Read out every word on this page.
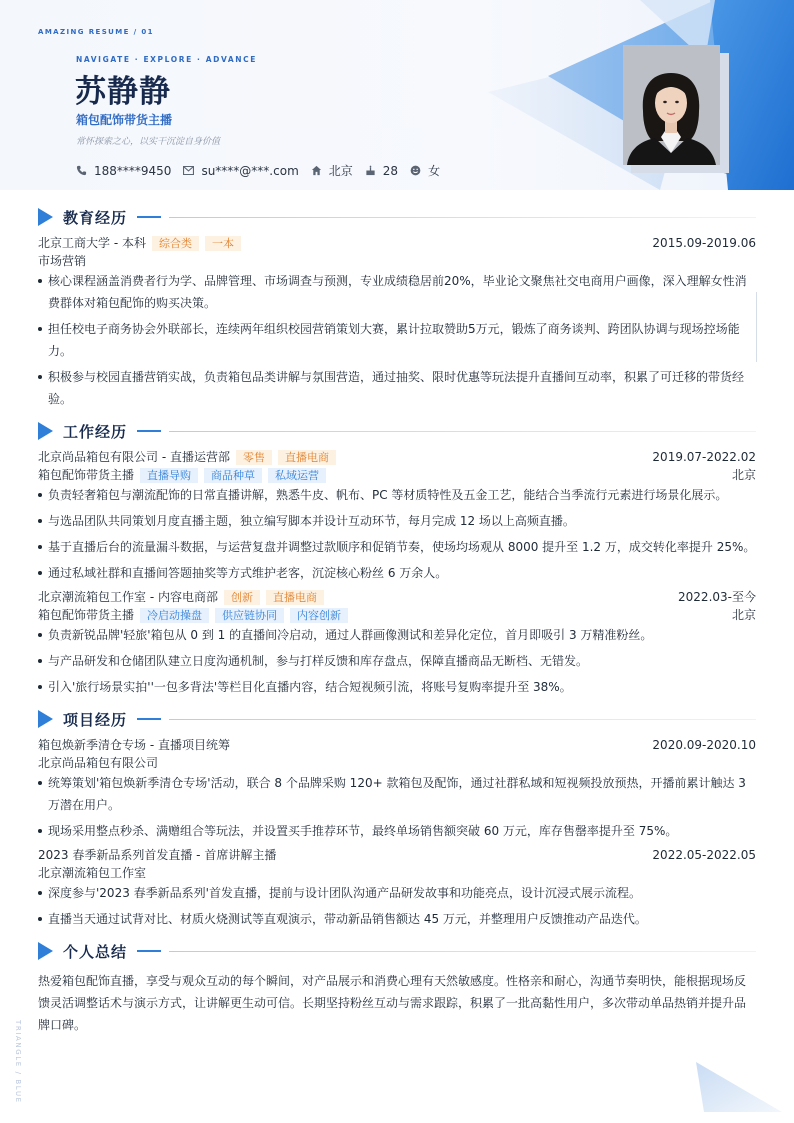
AMAZING RESUME / 01
NAVIGATE · EXPLORE · ADVANCE
苏静静
箱包配饰带货主播
常怀探索之心，以实干沉淀自身价值
188****9450	su****@***.com	北京	28	女
教育经历
北京工商大学 - 本科	综合类	一本	2015.09-2019.06
市场营销
核心课程涵盖消费者行为学、品牌管理、市场调查与预测，专业成绩稳居前20%，毕业论文聚焦社交电商用户画像，深入理解女性消费群体对箱包配饰的购买决策。
担任校电子商务协会外联部长，连续两年组织校园营销策划大赛，累计拉取赞助5万元，锻炼了商务谈判、跨团队协调与现场控场能力。
积极参与校园直播营销实战，负责箱包品类讲解与氛围营造，通过抽奖、限时优惠等玩法提升直播间互动率，积累了可迁移的带货经验。
工作经历
北京尚品箱包有限公司 - 直播运营部	零售	直播电商	2019.07-2022.02
箱包配饰带货主播	直播导购	商品种草	私域运营	北京
负责轻奢箱包与潮流配饰的日常直播讲解，熟悉牛皮、帆布、PC 等材质特性及五金工艺，能结合当季流行元素进行场景化展示。
与选品团队共同策划月度直播主题，独立编写脚本并设计互动环节，每月完成 12 场以上高频直播。
基于直播后台的流量漏斗数据，与运营复盘并调整过款顺序和促销节奏，使场均场观从 8000 提升至 1.2 万，成交转化率提升 25%。
通过私域社群和直播间答题抽奖等方式维护老客，沉淀核心粉丝 6 万余人。
北京潮流箱包工作室 - 内容电商部	创新	直播电商	2022.03-至今
箱包配饰带货主播	冷启动操盘	供应链协同	内容创新	北京
负责新锐品牌'轻旅'箱包从 0 到 1 的直播间冷启动，通过人群画像测试和差异化定位，首月即吸引 3 万精准粉丝。
与产品研发和仓储团队建立日度沟通机制，参与打样反馈和库存盘点，保障直播商品无断档、无错发。
引入'旅行场景实拍''一包多背法'等栏目化直播内容，结合短视频引流，将账号复购率提升至 38%。
项目经历
箱包焕新季清仓专场 - 直播项目统筹	2020.09-2020.10
北京尚品箱包有限公司
统筹策划'箱包焕新季清仓专场'活动，联合 8 个品牌采购 120+ 款箱包及配饰，通过社群私域和短视频投放预热，开播前累计触达 3 万潜在用户。
现场采用整点秒杀、满赠组合等玩法，并设置买手推荐环节，最终单场销售额突破 60 万元，库存售罄率提升至 75%。
2023 春季新品系列首发直播 - 首席讲解主播	2022.05-2022.05
北京潮流箱包工作室
深度参与'2023 春季新品系列'首发直播，提前与设计团队沟通产品研发故事和功能亮点，设计沉浸式展示流程。
直播当天通过试背对比、材质火烧测试等直观演示，带动新品销售额达 45 万元，并整理用户反馈推动产品迭代。
个人总结
热爱箱包配饰直播，享受与观众互动的每个瞬间，对产品展示和消费心理有天然敏感度。性格亲和耐心，沟通节奏明快，能根据现场反馈灵活调整话术与演示方式，让讲解更生动可信。长期坚持粉丝互动与需求跟踪，积累了一批高黏性用户，多次带动单品热销并提升品牌口碑。
TRIANGLE / BLUE
